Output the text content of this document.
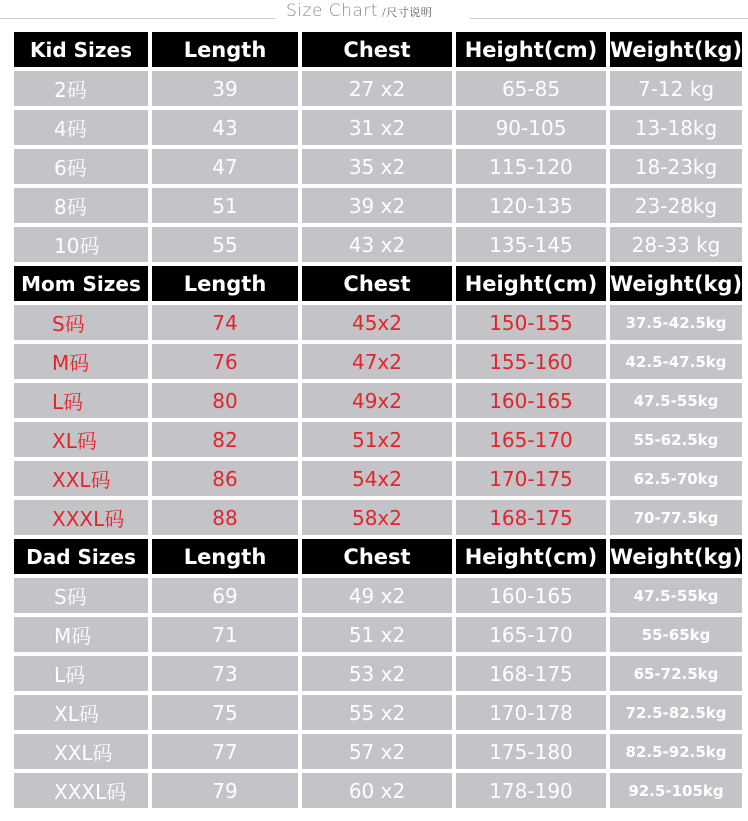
Size Chart /尺寸说明
Kid Sizes	Length	Chest	Height(cm) Weight(kg)
2码	39	27 x2	65-85	7-12 kg
4码	43	31 x2	90-105	13-18kg
6码	47	35 x2	115-120	18-23kg
8码	51	39 x2	120-135	23-28kg
10码	55	43 x2	135-145	28-33 kg
Mom Sizes	Length	Chest	Height(cm) Weight(kg)
S码	74	45x2	150-155	37.5-42.5kg
M码	76	47x2	155-160	42.5-47.5kg
L码	80	49x2	160-165	47.5-55kg
XL码	82	51x2	165-170	55-62.5kg
XXL码	86	54x2	170-175	62.5-70kg
XXXL码	88	58x2	168-175	70-77.5kg
Dad Sizes	Length	Chest	Height(cm) Weight(kg)
S码	69	49 x2	160-165	47.5-55kg
M码	71	51 x2	165-170	55-65kg
L码	73	53 x2	168-175	65-72.5kg
XL码	75	55 x2	170-178	72.5-82.5kg
XXL码	77	57 x2	175-180	82.5-92.5kg
XXXL码	79	60 x2	178-190	92.5-105kg
